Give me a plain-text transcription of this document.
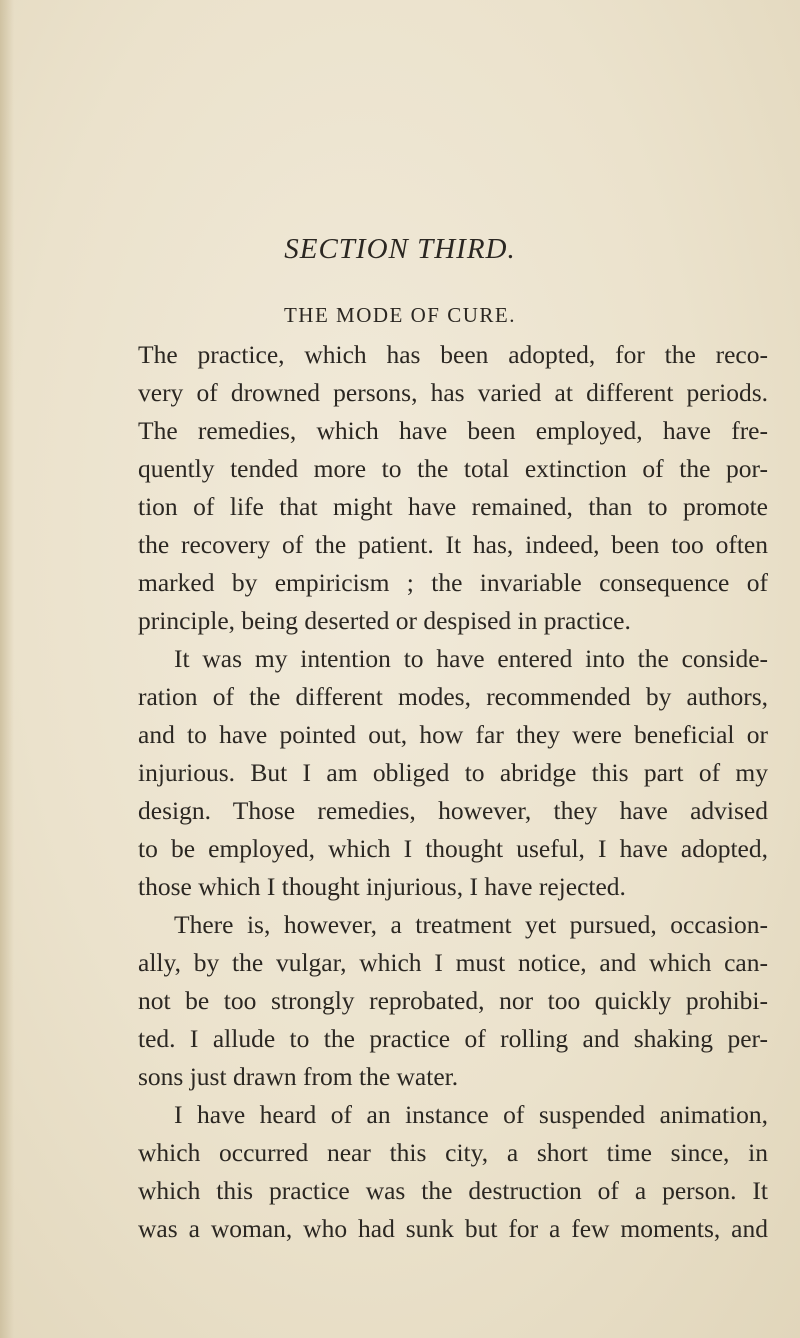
SECTION THIRD.
THE MODE OF CURE.
The practice, which has been adopted, for the reco-
very of drowned persons, has varied at different periods.
The remedies, which have been employed, have fre-
quently tended more to the total extinction of the por-
tion of life that might have remained, than to promote
the recovery of the patient. It has, indeed, been too often
marked by empiricism ; the invariable consequence of
principle, being deserted or despised in practice.
It was my intention to have entered into the conside-
ration of the different modes, recommended by authors,
and to have pointed out, how far they were beneficial or
injurious. But I am obliged to abridge this part of my
design. Those remedies, however, they have advised
to be employed, which I thought useful, I have adopted,
those which I thought injurious, I have rejected.
There is, however, a treatment yet pursued, occasion-
ally, by the vulgar, which I must notice, and which can-
not be too strongly reprobated, nor too quickly prohibi-
ted. I allude to the practice of rolling and shaking per-
sons just drawn from the water.
I have heard of an instance of suspended animation,
which occurred near this city, a short time since, in
which this practice was the destruction of a person. It
was a woman, who had sunk but for a few moments, and
